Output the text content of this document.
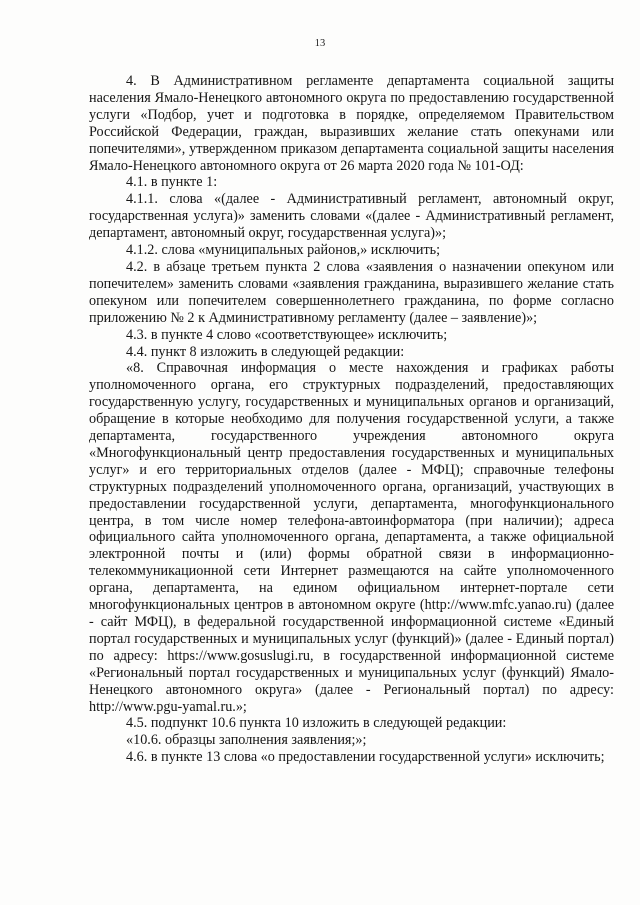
13

4. В Административном регламенте департамента социальной защиты населения Ямало-Ненецкого автономного округа по предоставлению государственной услуги «Подбор, учет и подготовка в порядке, определяемом Правительством Российской Федерации, граждан, выразивших желание стать опекунами или попечителями», утвержденном приказом департамента социальной защиты населения Ямало-Ненецкого автономного округа от 26 марта 2020 года № 101-ОД:

4.1. в пункте 1:

4.1.1. слова «(далее - Административный регламент, автономный округ, государственная услуга)» заменить словами «(далее - Административный регламент, департамент, автономный округ, государственная услуга)»;

4.1.2. слова «муниципальных районов,» исключить;

4.2. в абзаце третьем пункта 2 слова «заявления о назначении опекуном или попечителем» заменить словами «заявления гражданина, выразившего желание стать опекуном или попечителем совершеннолетнего гражданина, по форме согласно приложению № 2 к Административному регламенту (далее – заявление)»;

4.3. в пункте 4 слово «соответствующее» исключить;

4.4. пункт 8 изложить в следующей редакции:

«8. Справочная информация о месте нахождения и графиках работы уполномоченного органа, его структурных подразделений, предоставляющих государственную услугу, государственных и муниципальных органов и организаций, обращение в которые необходимо для получения государственной услуги, а также департамента, государственного учреждения автономного округа «Многофункциональный центр предоставления государственных и муниципальных услуг» и его территориальных отделов (далее - МФЦ); справочные телефоны структурных подразделений уполномоченного органа, организаций, участвующих в предоставлении государственной услуги, департамента, многофункционального центра, в том числе номер телефона-автоинформатора (при наличии); адреса официального сайта уполномоченного органа, департамента, а также официальной электронной почты и (или) формы обратной связи в информационно-телекоммуникационной сети Интернет размещаются на сайте уполномоченного органа, департамента, на едином официальном интернет-портале сети многофункциональных центров в автономном округе (http://www.mfc.yanao.ru) (далее - сайт МФЦ), в федеральной государственной информационной системе «Единый портал государственных и муниципальных услуг (функций)» (далее - Единый портал) по адресу: https://www.gosuslugi.ru, в государственной информационной системе «Региональный портал государственных и муниципальных услуг (функций) Ямало-Ненецкого автономного округа» (далее - Региональный портал) по адресу: http://www.pgu-yamal.ru.»;

4.5. подпункт 10.6 пункта 10 изложить в следующей редакции:

«10.6. образцы заполнения заявления;»;

4.6. в пункте 13 слова «о предоставлении государственной услуги» исключить;
